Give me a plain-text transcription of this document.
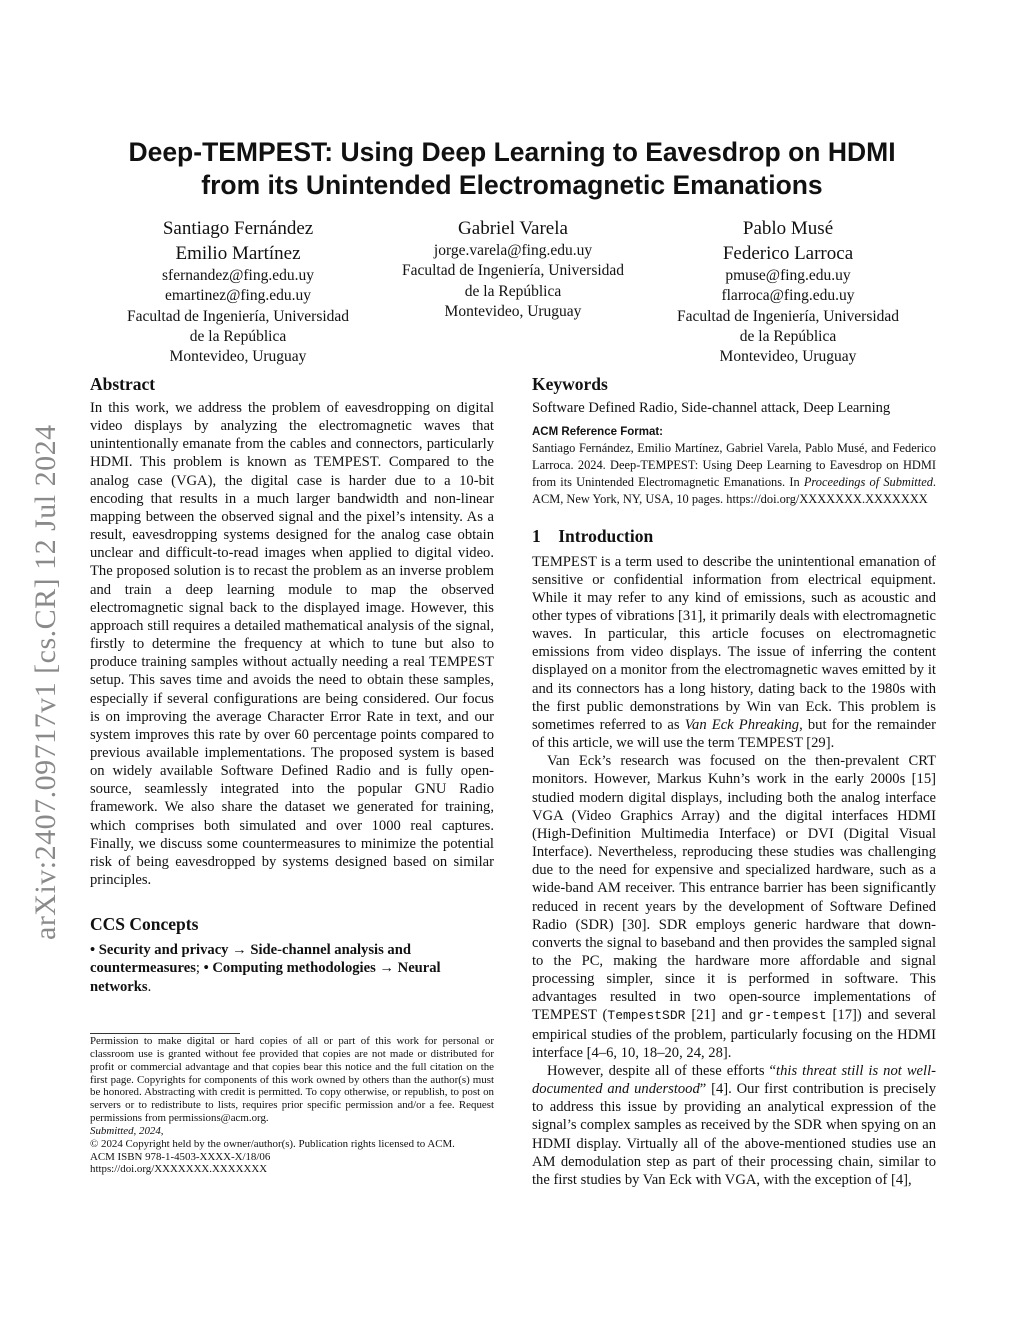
arXiv:2407.09717v1 [cs.CR] 12 Jul 2024
Deep-TEMPEST: Using Deep Learning to Eavesdrop on HDMI
from its Unintended Electromagnetic Emanations
Santiago Fernández
Emilio Martínez
sfernandez@fing.edu.uy
emartinez@fing.edu.uy
Facultad de Ingeniería, Universidad
de la República
Montevideo, Uruguay
Gabriel Varela
jorge.varela@fing.edu.uy
Facultad de Ingeniería, Universidad
de la República
Montevideo, Uruguay
Pablo Musé
Federico Larroca
pmuse@fing.edu.uy
flarroca@fing.edu.uy
Facultad de Ingeniería, Universidad
de la República
Montevideo, Uruguay
Abstract

In this work, we address the problem of eavesdropping on digital video displays by analyzing the electromagnetic waves that unintentionally emanate from the cables and connectors, particularly HDMI. This problem is known as TEMPEST. Compared to the analog case (VGA), the digital case is harder due to a 10-bit encoding that results in a much larger bandwidth and non-linear mapping between the observed signal and the pixel’s intensity. As a result, eavesdropping systems designed for the analog case obtain unclear and difficult-to-read images when applied to digital video. The proposed solution is to recast the problem as an inverse problem and train a deep learning module to map the observed electromagnetic signal back to the displayed image. However, this approach still requires a detailed mathematical analysis of the signal, firstly to determine the frequency at which to tune but also to produce training samples without actually needing a real TEMPEST setup. This saves time and avoids the need to obtain these samples, especially if several configurations are being considered. Our focus is on improving the average Character Error Rate in text, and our system improves this rate by over 60 percentage points compared to previous available implementations. The proposed system is based on widely available Software Defined Radio and is fully open-source, seamlessly integrated into the popular GNU Radio framework. We also share the dataset we generated for training, which comprises both simulated and over 1000 real captures. Finally, we discuss some countermeasures to minimize the potential risk of being eavesdropped by systems designed based on similar principles.

CCS Concepts
• Security and privacy → Side-channel analysis and countermeasures; • Computing methodologies → Neural networks.
Permission to make digital or hard copies of all or part of this work for personal or classroom use is granted without fee provided that copies are not made or distributed for profit or commercial advantage and that copies bear this notice and the full citation on the first page. Copyrights for components of this work owned by others than the author(s) must be honored. Abstracting with credit is permitted. To copy otherwise, or republish, to post on servers or to redistribute to lists, requires prior specific permission and/or a fee. Request permissions from permissions@acm.org.
Submitted, 2024,
© 2024 Copyright held by the owner/author(s). Publication rights licensed to ACM.
ACM ISBN 978-1-4503-XXXX-X/18/06
https://doi.org/XXXXXXX.XXXXXXX
Keywords
Software Defined Radio, Side-channel attack, Deep Learning
ACM Reference Format:
Santiago Fernández, Emilio Martínez, Gabriel Varela, Pablo Musé, and Federico Larroca. 2024. Deep-TEMPEST: Using Deep Learning to Eavesdrop on HDMI from its Unintended Electromagnetic Emanations. In Proceedings of Submitted. ACM, New York, NY, USA, 10 pages. https://doi.org/XXXXXXX.XXXXXXX
1    Introduction

TEMPEST is a term used to describe the unintentional emanation of sensitive or confidential information from electrical equipment. While it may refer to any kind of emissions, such as acoustic and other types of vibrations [31], it primarily deals with electromagnetic waves. In particular, this article focuses on electromagnetic emissions from video displays. The issue of inferring the content displayed on a monitor from the electromagnetic waves emitted by it and its connectors has a long history, dating back to the 1980s with the first public demonstrations by Win van Eck. This problem is sometimes referred to as Van Eck Phreaking, but for the remainder of this article, we will use the term TEMPEST [29].

Van Eck’s research was focused on the then-prevalent CRT monitors. However, Markus Kuhn’s work in the early 2000s [15] studied modern digital displays, including both the analog interface VGA (Video Graphics Array) and the digital interfaces HDMI (High-Definition Multimedia Interface) or DVI (Digital Visual Interface). Nevertheless, reproducing these studies was challenging due to the need for expensive and specialized hardware, such as a wide-band AM receiver. This entrance barrier has been significantly reduced in recent years by the development of Software Defined Radio (SDR) [30]. SDR employs generic hardware that down-converts the signal to baseband and then provides the sampled signal to the PC, making the hardware more affordable and signal processing simpler, since it is performed in software. This advantages resulted in two open-source implementations of TEMPEST (TempestSDR [21] and gr-tempest [17]) and several empirical studies of the problem, particularly focusing on the HDMI interface [4–6, 10, 18–20, 24, 28].

However, despite all of these efforts “this threat still is not well-documented and understood” [4]. Our first contribution is precisely to address this issue by providing an analytical expression of the signal’s complex samples as received by the SDR when spying on an HDMI display. Virtually all of the above-mentioned studies use an AM demodulation step as part of their processing chain, similar to the first studies by Van Eck with VGA, with the exception of [4],
